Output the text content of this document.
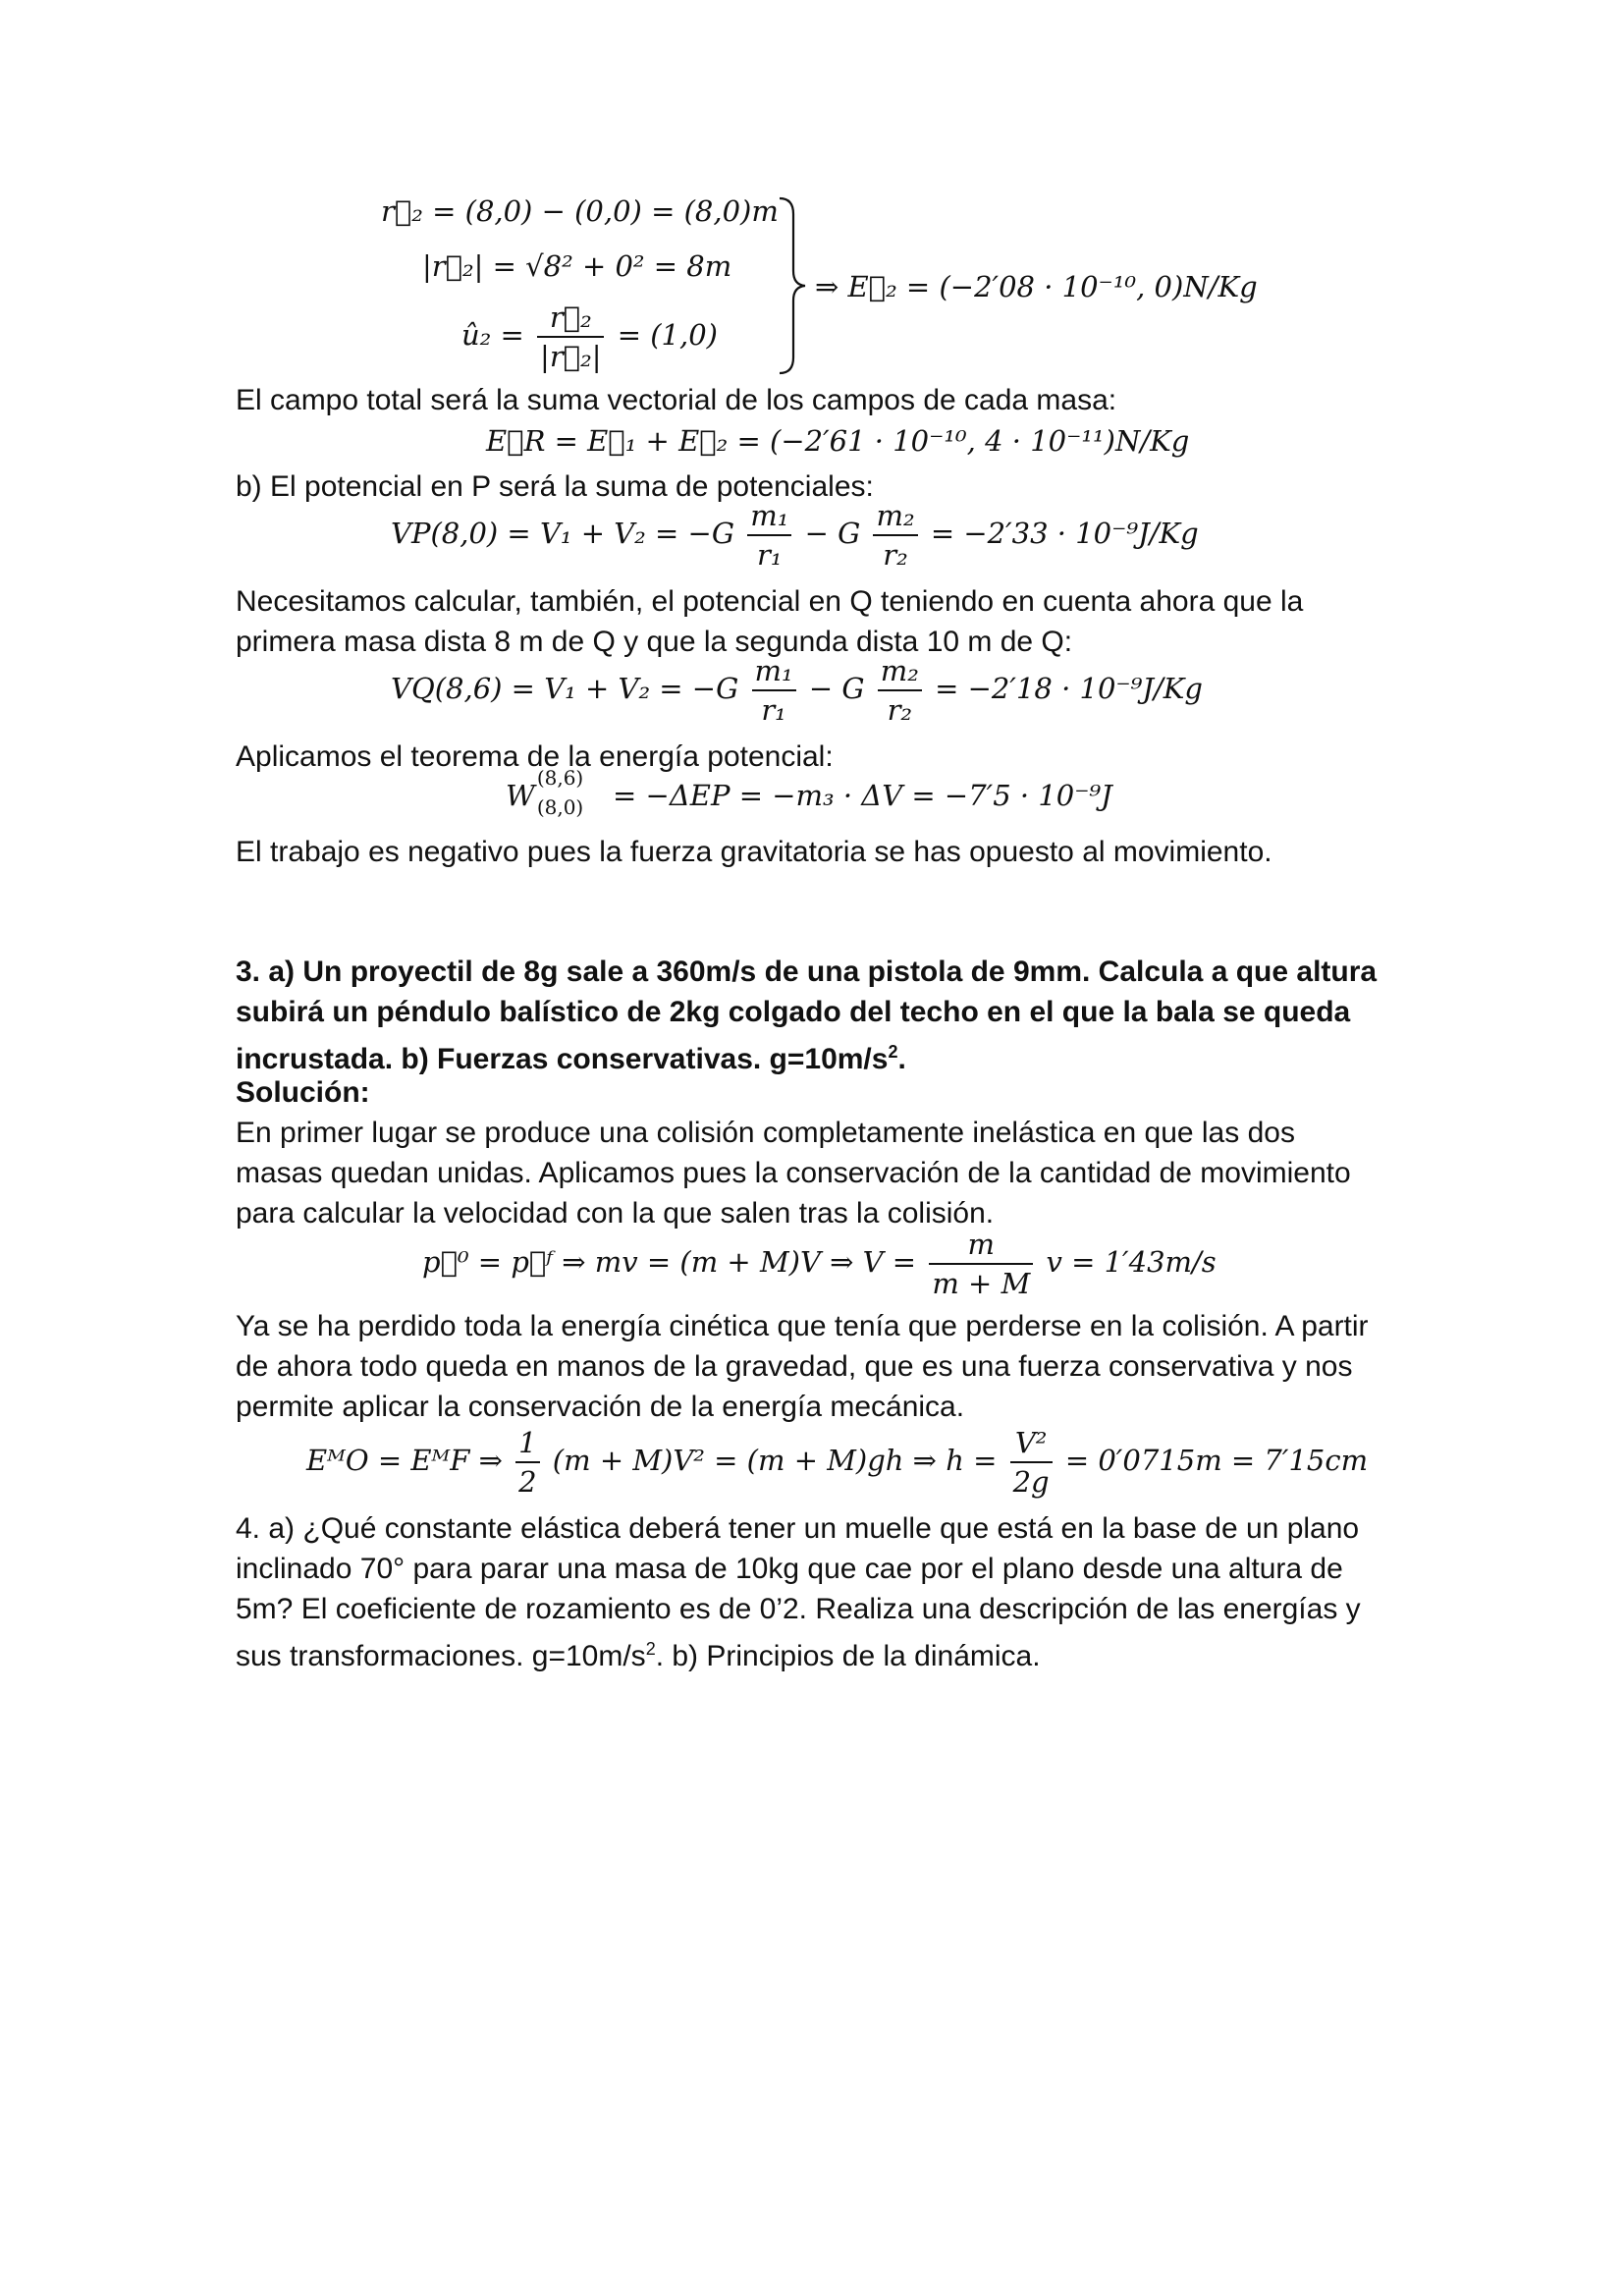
r⃗₂ = (8,0) − (0,0) = (8,0)m
|r⃗₂| = √8² + 0² = 8m
û₂ = $\frac{\text{r⃗₂}}{\text{|r⃗₂|}} = (1,0)$
⇒ E⃗₂ = (−2′08 · 10⁻¹⁰, 0)N/Kg
El campo total será la suma vectorial de los campos de cada masa:
E⃗R = E⃗₁ + E⃗₂ = (−2′61 · 10⁻¹⁰, 4 · 10⁻¹¹)N/Kg
b) El potencial en P será la suma de potenciales:
$VP(8,0) = V_1 + V_2 = -G \frac{\text{m₁}}{\text{r₁}} - G \frac{\text{m₂}}{\text{r₂}} = -2'33 \cdot 10^{-9}J/Kg$
Necesitamos calcular, también, el potencial en Q teniendo en cuenta ahora que la
primera masa dista 8 m de Q y que la segunda dista 10 m de Q:
$VQ(8,6) = V_1 + V_2 = -G \frac{\text{m₁}}{\text{r₁}} - G \frac{\text{m₂}}{\text{r₂}} = -2'18 \cdot 10^{-9}J/Kg$
Aplicamos el teorema de la energía potencial:
W
(8,6)
(8,0) = −ΔEP = −m₃ · ΔV = −7′5 · 10⁻⁹J
El trabajo es negativo pues la fuerza gravitatoria se has opuesto al movimiento.
3. a) Un proyectil de 8g sale a 360m/s de una pistola de 9mm. Calcula a que altura
subirá un péndulo balístico de 2kg colgado del techo en el que la bala se queda
incrustada. b) Fuerzas conservativas. $g=10m/s^2$.
Solución:
En primer lugar se produce una colisión completamente inelástica en que las dos
masas quedan unidas. Aplicamos pues la conservación de la cantidad de movimiento
para calcular la velocidad con la que salen tras la colisión.
p⃗⁰ = p⃗ᶠ ⇒ mv = (m + M)V ⇒ $V = \frac{m}{m + M}$ v = 1′43m/s
Ya se ha perdido toda la energía cinética que tenía que perderse en la colisión. A partir
de ahora todo queda en manos de la gravedad, que es una fuerza conservativa y nos
permite aplicar la conservación de la energía mecánica.
EᴹO = EᴹF ⇒ $\frac{1}{2} (m + M)V^2 = (m + M)gh$ ⇒ $h = \frac{\text{V²}}{2g} = 0'0715m = 7'15cm$
4. a) ¿Qué constante elástica deberá tener un muelle que está en la base de un plano
inclinado 70° para parar una masa de 10kg que cae por el plano desde una altura de
5m? El coeficiente de rozamiento es de 0’2. Realiza una descripción de las energías y
sus transformaciones. $g=10m/s^2$. b) Principios de la dinámica.
